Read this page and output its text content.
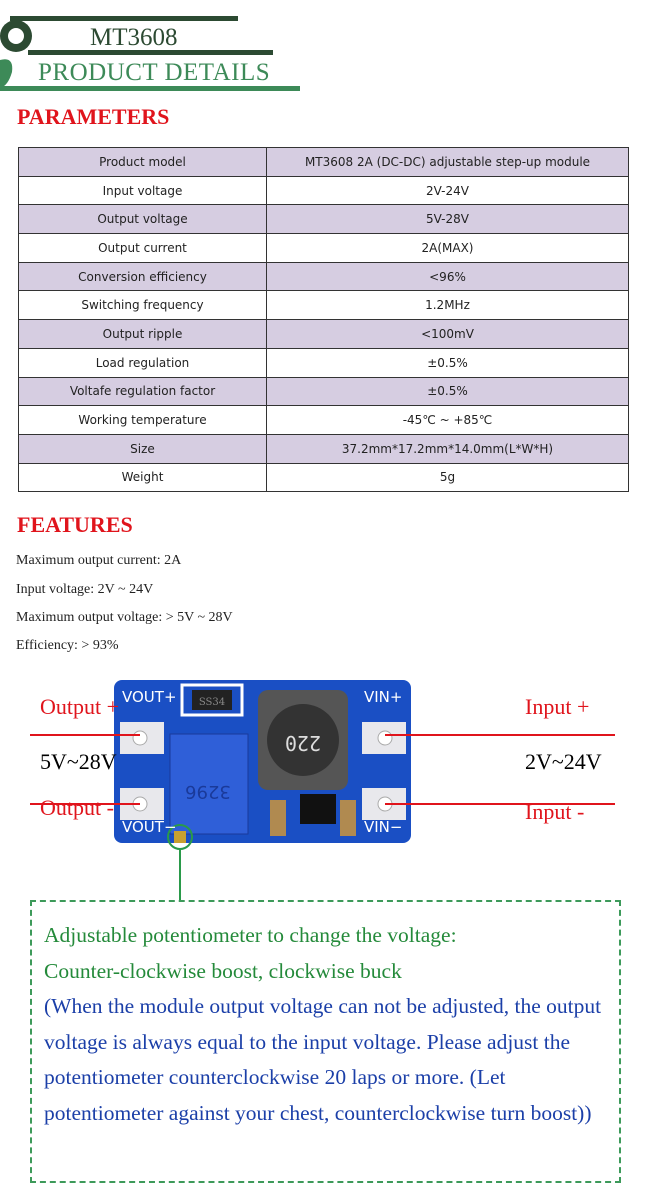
MT3608
PRODUCT DETAILS
PARAMETERS
Product model	MT3608 2A (DC-DC) adjustable step-up module
Input voltage	2V-24V
Output voltage	5V-28V
Output current	2A(MAX)
Conversion efficiency	<96%
Switching frequency	1.2MHz
Output ripple	<100mV
Load regulation	±0.5%
Voltafe regulation factor	±0.5%
Working temperature	-45℃ ~ +85℃
Size	37.2mm*17.2mm*14.0mm(L*W*H)
Weight	5g
FEATURES
Maximum output current: 2A
Input voltage: 2V ~ 24V
Maximum output voltage: > 5V ~ 28V
Efficiency: > 93%
220
3296
SS34
VOUT+
VOUT−
VIN+
VIN−
Output +
5V~28V
Output -
Input +
2V~24V
Input -
Adjustable potentiometer to change the voltage:
Counter-clockwise boost, clockwise buck
(When the module output voltage can not be adjusted, the output voltage is always equal to the input voltage. Please adjust the potentiometer counterclockwise 20 laps or more. (Let potentiometer against your chest, counterclockwise turn boost))
